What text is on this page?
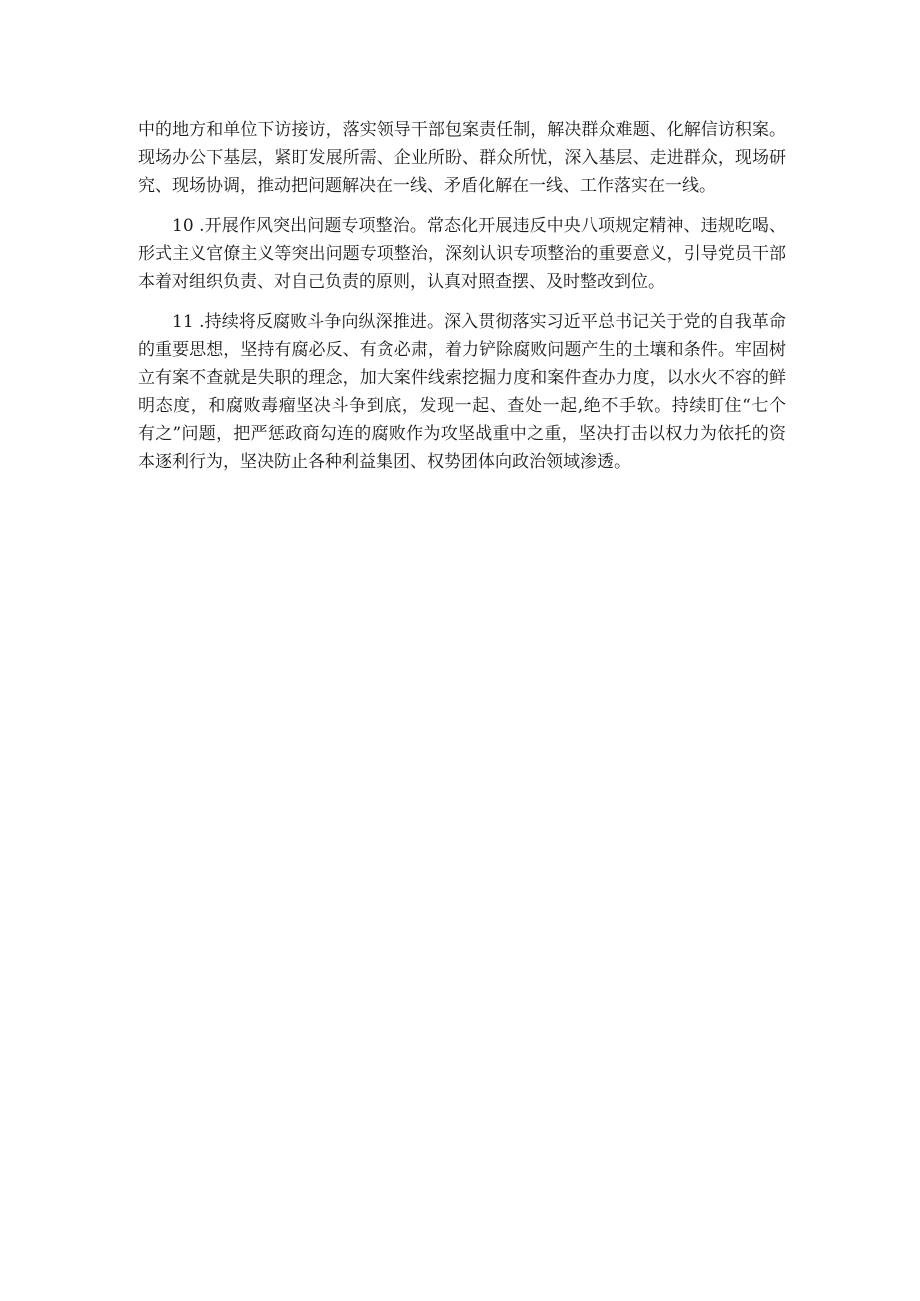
中的地方和单位下访接访，落实领导干部包案责任制，解决群众难题、化解信访积案。
现场办公下基层，紧盯发展所需、企业所盼、群众所忧，深入基层、走进群众，现场研
究、现场协调，推动把问题解决在一线、矛盾化解在一线、工作落实在一线。
10 .开展作风突出问题专项整治。常态化开展违反中央八项规定精神、违规吃喝、
形式主义官僚主义等突出问题专项整治，深刻认识专项整治的重要意义，引导党员干部
本着对组织负责、对自己负责的原则，认真对照查摆、及时整改到位。
11 .持续将反腐败斗争向纵深推进。深入贯彻落实习近平总书记关于党的自我革命
的重要思想，坚持有腐必反、有贪必肃，着力铲除腐败问题产生的土壤和条件。牢固树
立有案不查就是失职的理念，加大案件线索挖掘力度和案件查办力度，以水火不容的鲜
明态度，和腐败毒瘤坚决斗争到底，发现一起、查处一起,绝不手软。持续盯住“七个
有之”问题，把严惩政商勾连的腐败作为攻坚战重中之重，坚决打击以权力为依托的资
本逐利行为，坚决防止各种利益集团、权势团体向政治领域渗透。
